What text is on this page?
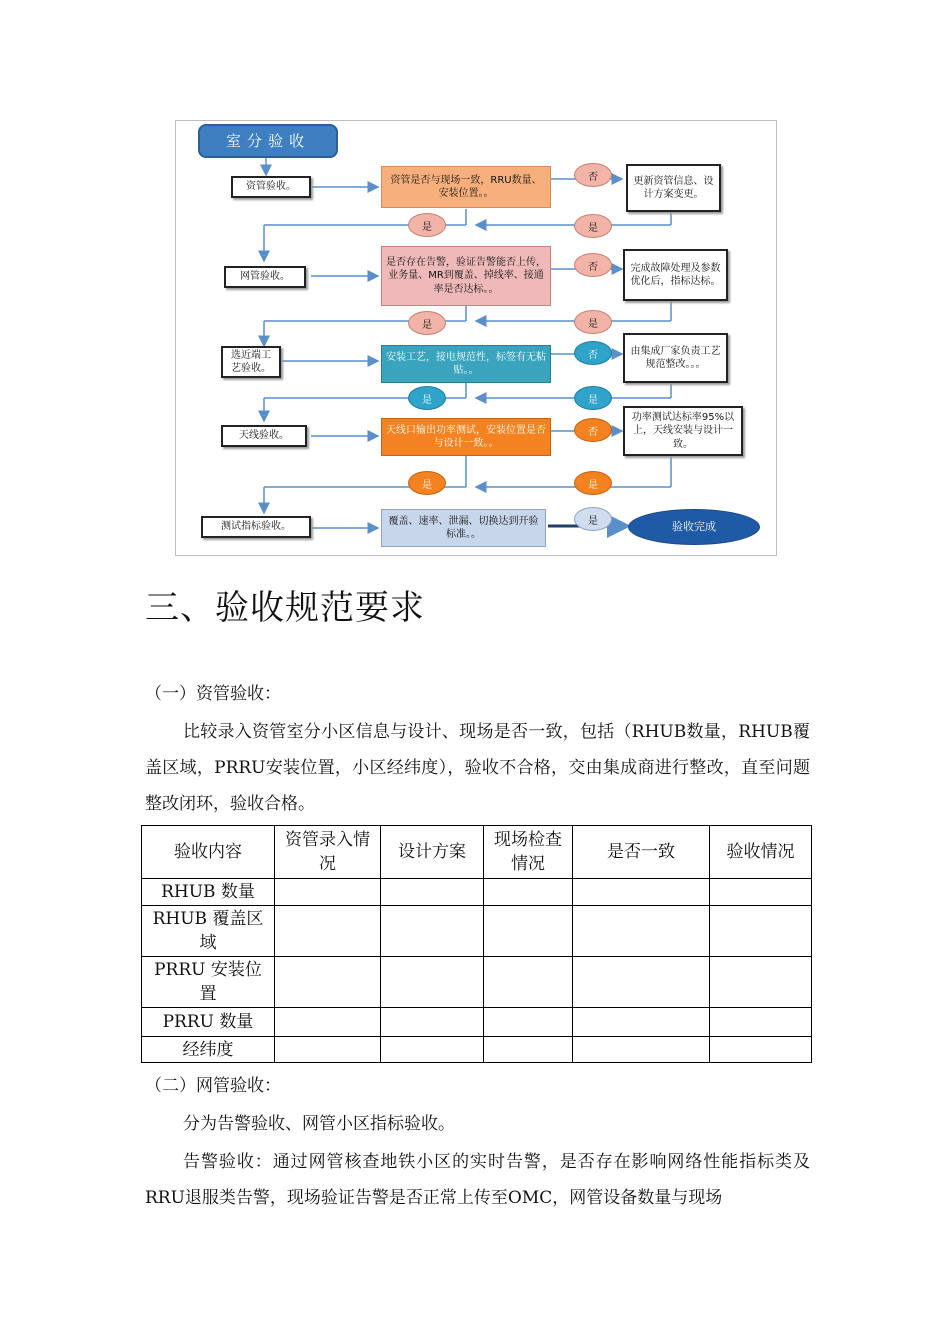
室分验收
资管验收。
网管验收。
选近端工艺验收。
天线验收。
测试指标验收。
资管是否与现场一致，RRU数量、安装位置。。
是否存在告警，验证告警能否上传，业务量、MR到覆盖、掉线率、接通率是否达标。。
安装工艺，接电规范性，标签有无粘贴。。
天线口输出功率测试，安装位置是否与设计一致。。
覆盖、速率、泄漏、切换达到开验标准。。
更新资管信息、设计方案变更。
完成故障处理及参数优化后，指标达标。
由集成厂家负责工艺规范整改。。。
功率测试达标率95%以上，天线安装与设计一致。
否
是	是
否
是	是
否
是	是
否
是	是
是	验收完成
三、验收规范要求
（一）资管验收：
比较录入资管室分小区信息与设计、现场是否一致，包括（RHUB数量，RHUB覆盖区域，PRRU安装位置，小区经纬度），验收不合格，交由集成商进行整改，直至问题整改闭环，验收合格。
验收内容	资管录入情况	设计方案	现场检查情况	是否一致	验收情况
RHUB 数量					
RHUB 覆盖区域					
PRRU 安装位置					
PRRU 数量					
经纬度					
（二）网管验收：
分为告警验收、网管小区指标验收。
告警验收：通过网管核查地铁小区的实时告警，是否存在影响网络性能指标类及RRU退服类告警，现场验证告警是否正常上传至OMC，网管设备数量与现场
